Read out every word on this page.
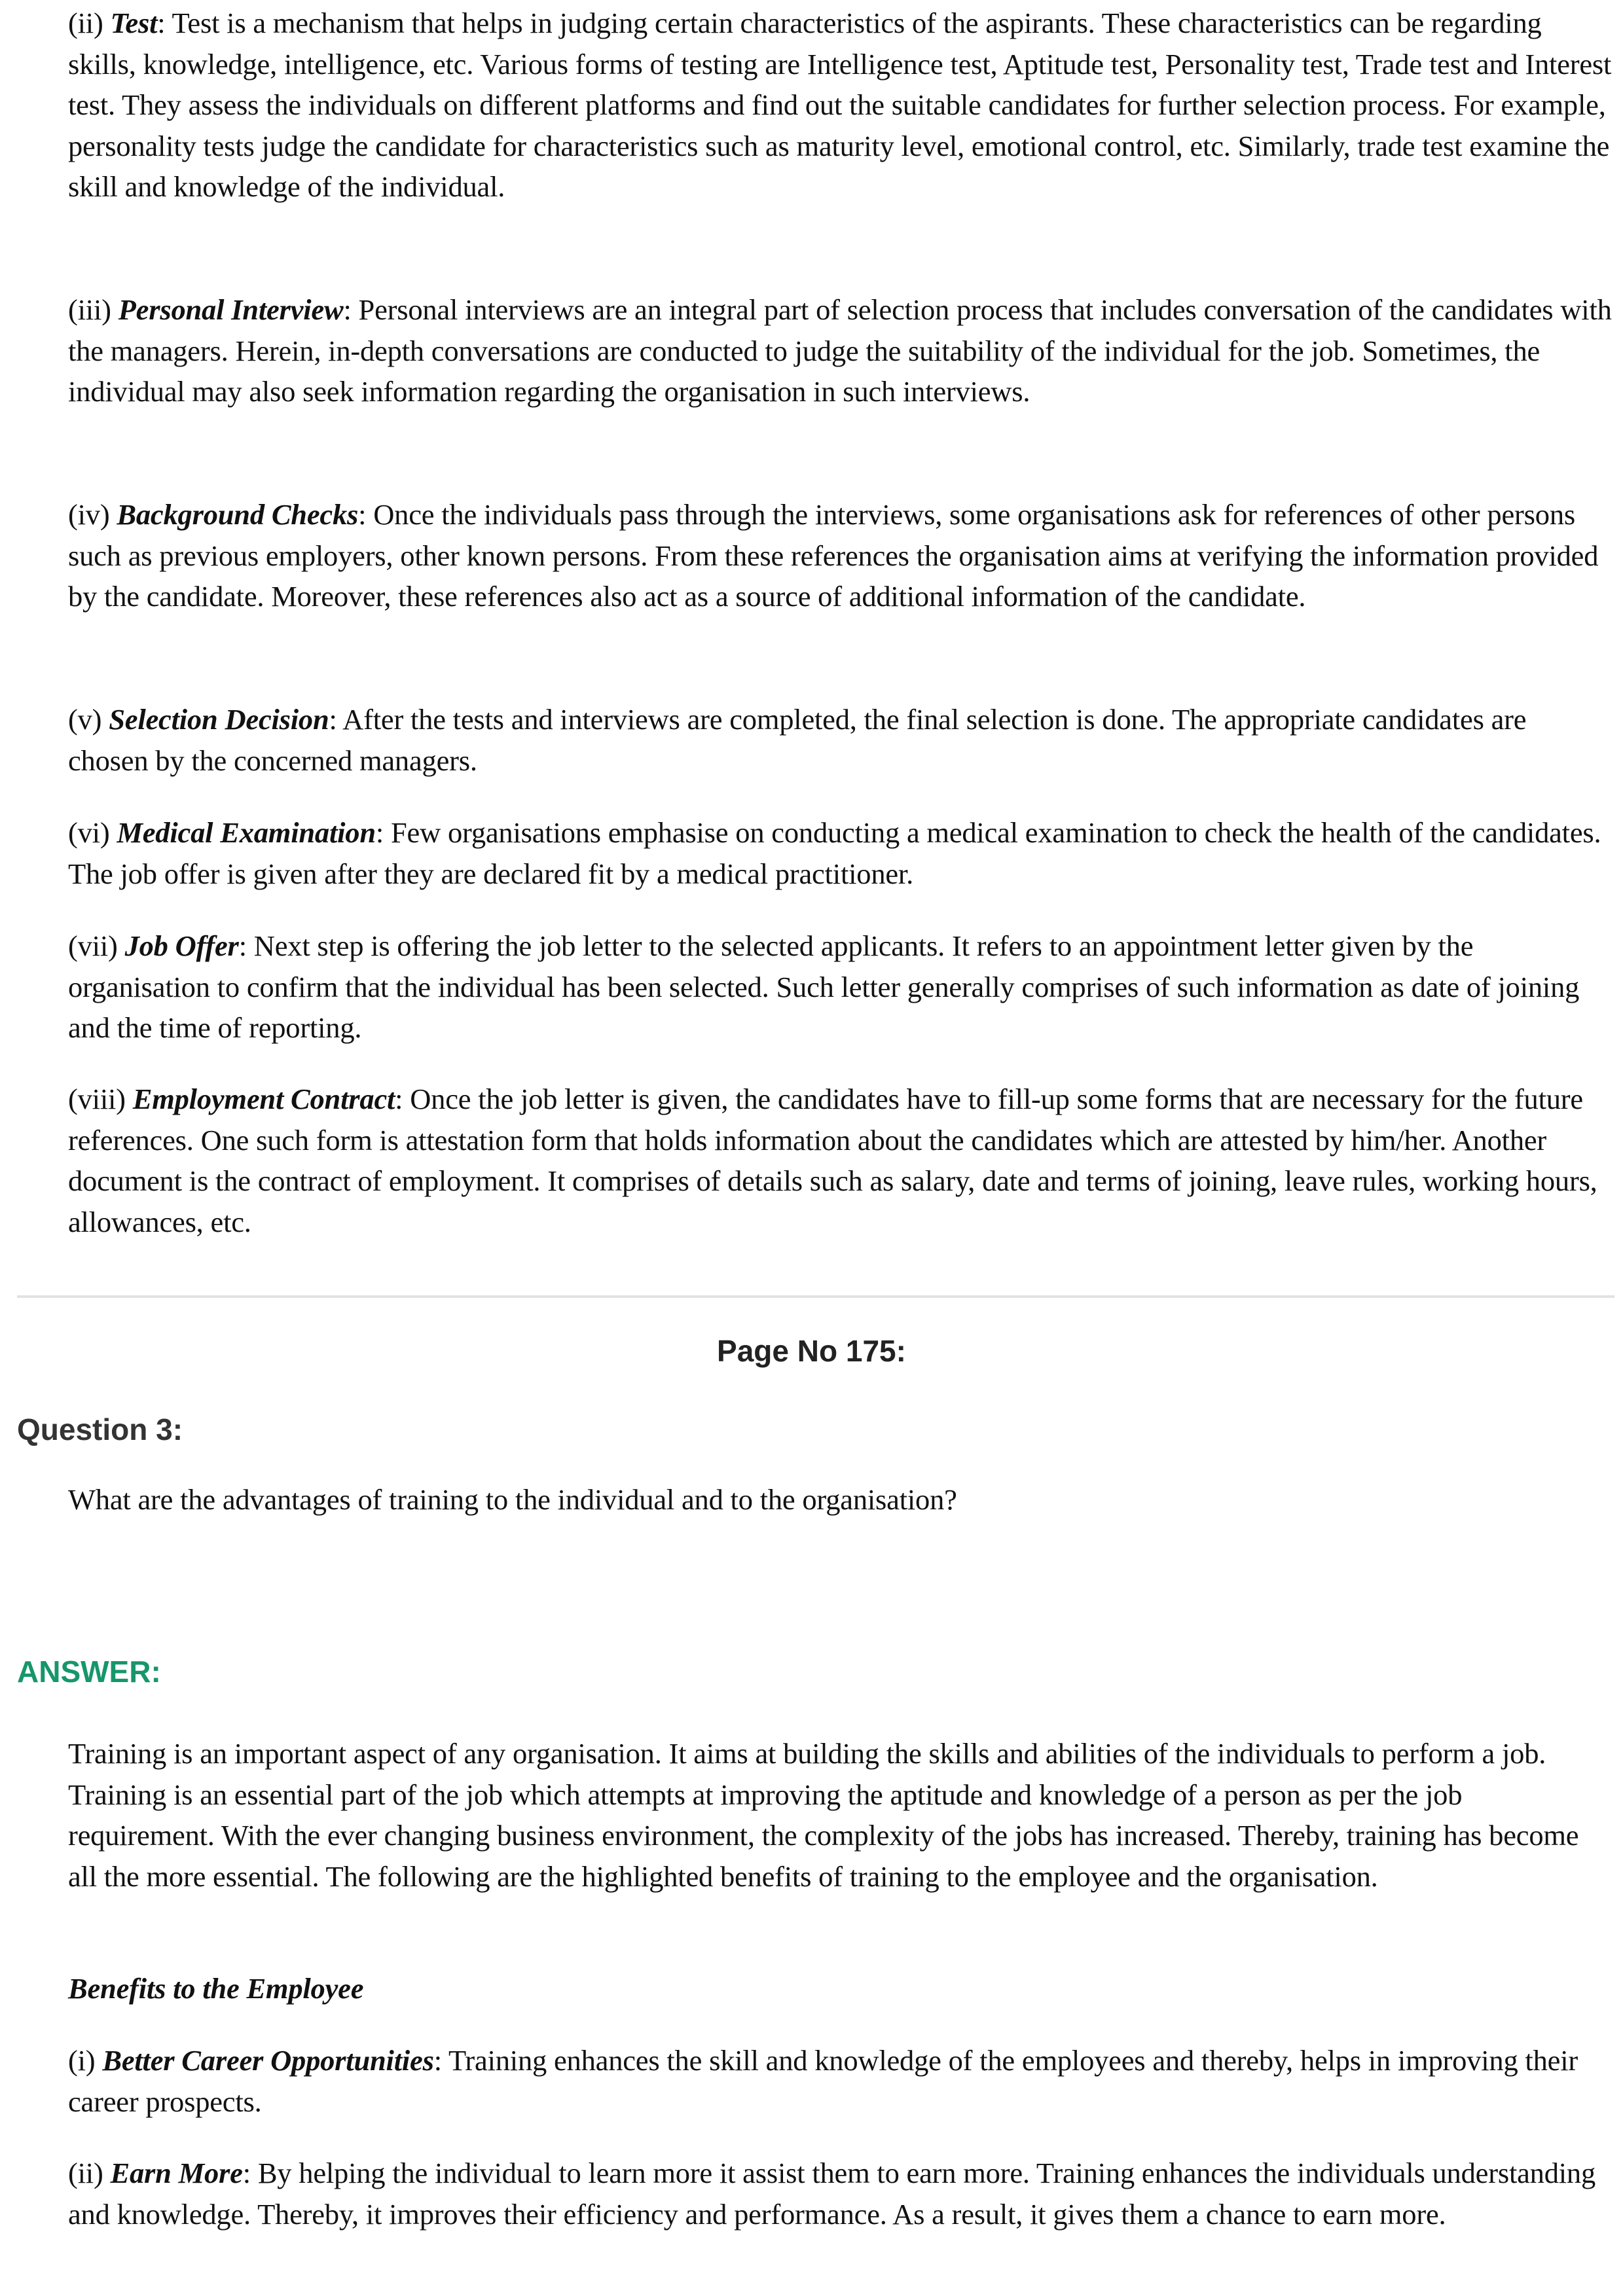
(ii) Test: Test is a mechanism that helps in judging certain characteristics of the aspirants. These characteristics can be regarding skills, knowledge, intelligence, etc. Various forms of testing are Intelligence test, Aptitude test, Personality test, Trade test and Interest test. They assess the individuals on different platforms and find out the suitable candidates for further selection process. For example, personality tests judge the candidate for characteristics such as maturity level, emotional control, etc. Similarly, trade test examine the skill and knowledge of the individual.

(iii) Personal Interview: Personal interviews are an integral part of selection process that includes conversation of the candidates with the managers. Herein, in-depth conversations are conducted to judge the suitability of the individual for the job. Sometimes, the individual may also seek information regarding the organisation in such interviews.

(iv) Background Checks: Once the individuals pass through the interviews, some organisations ask for references of other persons such as previous employers, other known persons. From these references the organisation aims at verifying the information provided by the candidate. Moreover, these references also act as a source of additional information of the candidate.

(v) Selection Decision: After the tests and interviews are completed, the final selection is done. The appropriate candidates are chosen by the concerned managers.

(vi) Medical Examination: Few organisations emphasise on conducting a medical examination to check the health of the candidates. The job offer is given after they are declared fit by a medical practitioner.

(vii) Job Offer: Next step is offering the job letter to the selected applicants. It refers to an appointment letter given by the organisation to confirm that the individual has been selected. Such letter generally comprises of such information as date of joining and the time of reporting.

(viii) Employment Contract: Once the job letter is given, the candidates have to fill-up some forms that are necessary for the future references. One such form is attestation form that holds information about the candidates which are attested by him/her. Another document is the contract of employment. It comprises of details such as salary, date and terms of joining, leave rules, working hours, allowances, etc.

Page No 175:
Question 3:
What are the advantages of training to the individual and to the organisation?
ANSWER:

Training is an important aspect of any organisation. It aims at building the skills and abilities of the individuals to perform a job. Training is an essential part of the job which attempts at improving the aptitude and knowledge of a person as per the job requirement. With the ever changing business environment, the complexity of the jobs has increased. Thereby, training has become all the more essential. The following are the highlighted benefits of training to the employee and the organisation.

Benefits to the Employee

(i) Better Career Opportunities: Training enhances the skill and knowledge of the employees and thereby, helps in improving their career prospects.

(ii) Earn More: By helping the individual to learn more it assist them to earn more. Training enhances the individuals understanding and knowledge. Thereby, it improves their efficiency and performance. As a result, it gives them a chance to earn more.
